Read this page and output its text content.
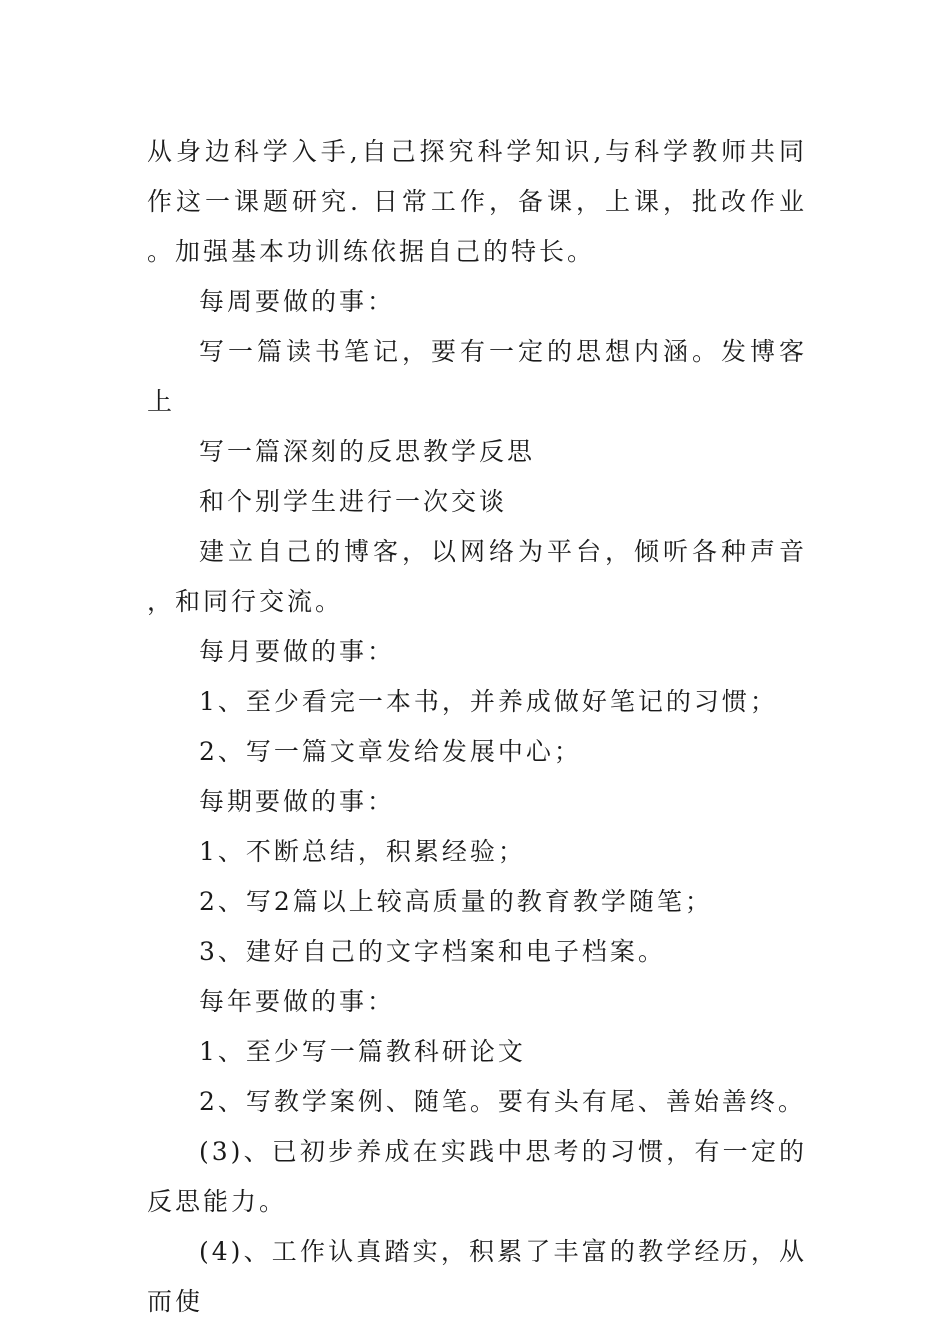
从身边科学入手,自己探究科学知识,与科学教师共同作这一课题研究. 日常工作，备课，上课，批改作业。加强基本功训练依据自己的特长。

每周要做的事：

写一篇读书笔记，要有一定的思想内涵。发博客上

写一篇深刻的反思教学反思

和个别学生进行一次交谈

建立自己的博客，以网络为平台，倾听各种声音，和同行交流。

每月要做的事：

1、至少看完一本书，并养成做好笔记的习惯；

2、写一篇文章发给发展中心；

每期要做的事：

1、不断总结，积累经验；

2、写2篇以上较高质量的教育教学随笔；

3、建好自己的文字档案和电子档案。

每年要做的事：

1、至少写一篇教科研论文

2、写教学案例、随笔。要有头有尾、善始善终。

(3)、已初步养成在实践中思考的习惯，有一定的反思能力。

(4)、工作认真踏实，积累了丰富的教学经历，从而使
